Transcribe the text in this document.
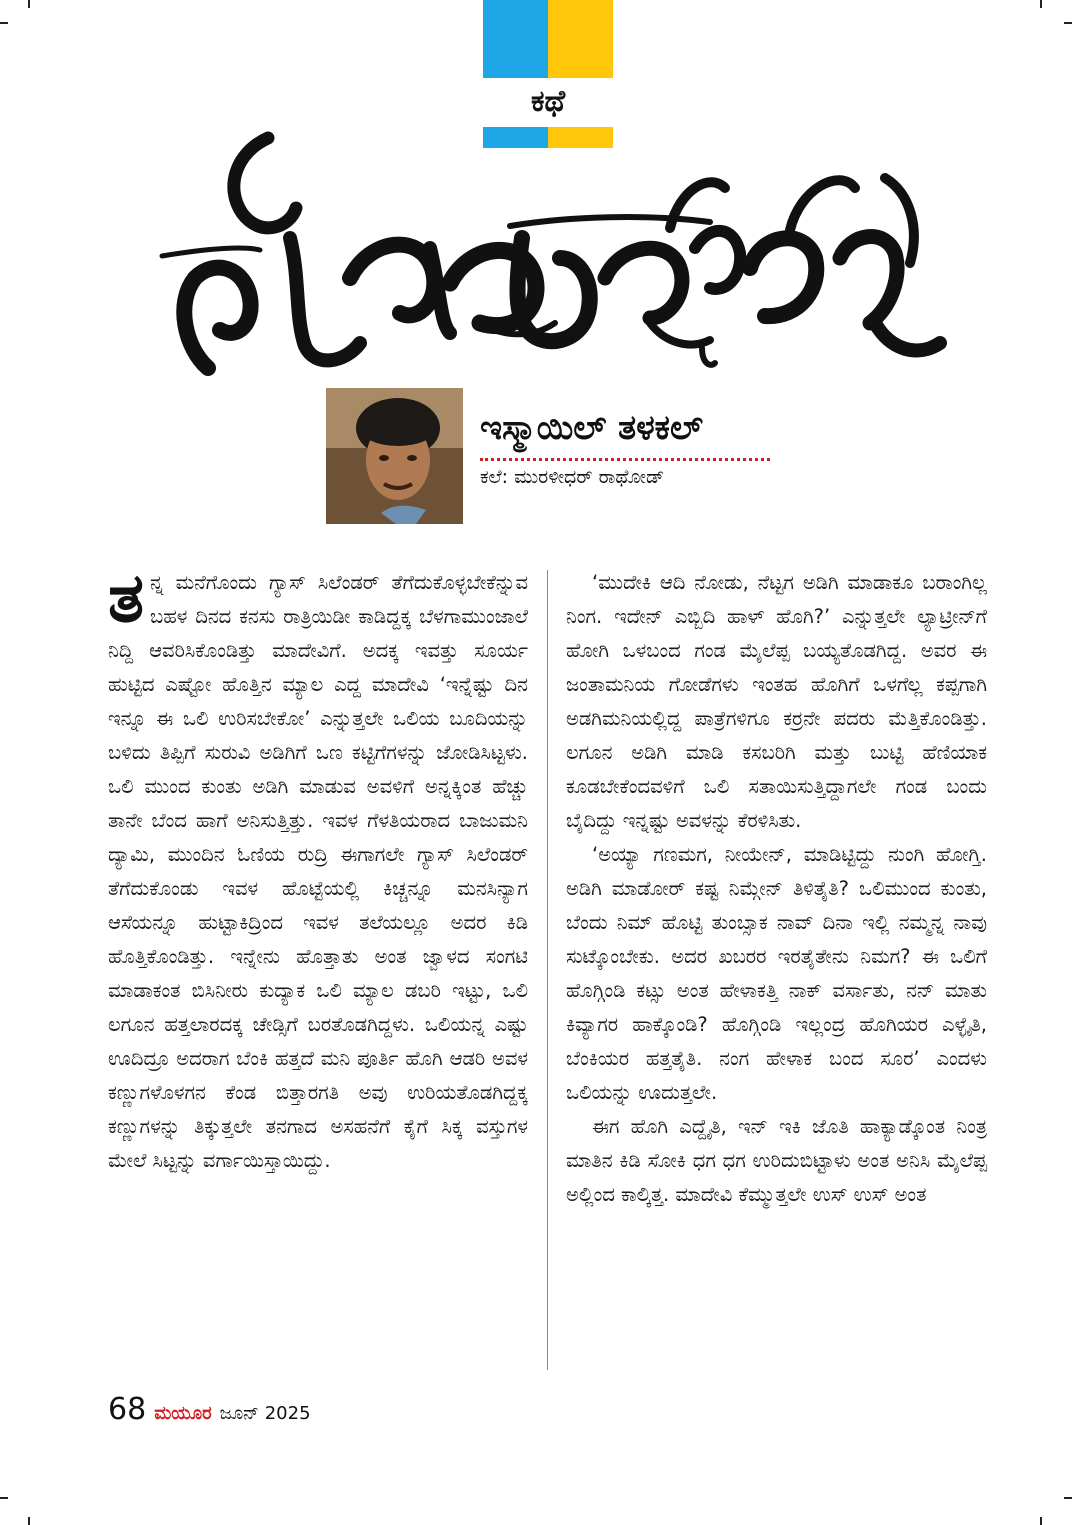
ಕಥೆ
ಇಸ್ಮಾಯಿಲ್ ತಳಕಲ್
ಕಲೆ: ಮುರಳೀಧರ್ ರಾಥೋಡ್

ತನ್ನ ಮನೆಗೊಂದು ಗ್ಯಾಸ್ ಸಿಲೆಂಡರ್ ತೆಗೆದುಕೊಳ್ಳಬೇಕೆನ್ನುವ ಬಹಳ ದಿನದ ಕನಸು ರಾತ್ರಿಯಿಡೀ ಕಾಡಿದ್ದಕ್ಕ ಬೆಳಗಾಮುಂಜಾಲೆ ನಿದ್ದಿ ಆವರಿಸಿಕೊಂಡಿತ್ತು ಮಾದೇವಿಗೆ. ಅದಕ್ಕ ಇವತ್ತು ಸೂರ್ಯ ಹುಟ್ಟಿದ ಎಷ್ಟೋ ಹೊತ್ತಿನ ಮ್ಯಾಲ ಎದ್ದ ಮಾದೇವಿ ‘ಇನ್ನೆಷ್ಟು ದಿನ ಇನ್ನೂ ಈ ಒಲಿ ಉರಿಸಬೇಕೋ’ ಎನ್ನುತ್ತಲೇ ಒಲಿಯ ಬೂದಿಯನ್ನು ಬಳಿದು ತಿಪ್ಪಿಗೆ ಸುರುವಿ ಅಡಿಗಿಗೆ ಒಣ ಕಟ್ಟಿಗೆಗಳನ್ನು ಜೋಡಿಸಿಟ್ಟಳು. ಒಲಿ ಮುಂದ ಕುಂತು ಅಡಿಗಿ ಮಾಡುವ ಅವಳಿಗೆ ಅನ್ನಕ್ಕಿಂತ ಹೆಚ್ಚು ತಾನೇ ಬೆಂದ ಹಾಗೆ ಅನಿಸುತ್ತಿತ್ತು. ಇವಳ ಗೆಳತಿಯರಾದ ಬಾಜುಮನಿ ದ್ಯಾಮಿ, ಮುಂದಿನ ಓಣಿಯ ರುದ್ರಿ ಈಗಾಗಲೇ ಗ್ಯಾಸ್ ಸಿಲೆಂಡರ್ ತೆಗೆದುಕೊಂಡು ಇವಳ ಹೊಟ್ಟೆಯಲ್ಲಿ ಕಿಚ್ಚನ್ನೂ ಮನಸಿನ್ಯಾಗ ಆಸೆಯನ್ನೂ ಹುಟ್ಟಾಕಿದ್ರಿಂದ ಇವಳ ತಲೆಯಲ್ಲೂ ಅದರ ಕಿಡಿ ಹೊತ್ತಿಕೊಂಡಿತ್ತು. ಇನ್ನೇನು ಹೊತ್ತಾತು ಅಂತ ಜ್ವಾಳದ ಸಂಗಟಿ ಮಾಡಾಕಂತ ಬಿಸಿನೀರು ಕುದ್ಯಾಕ ಒಲಿ ಮ್ಯಾಲ ಡಬರಿ ಇಟ್ಟು, ಒಲಿ ಲಗೂನ ಹತ್ತಲಾರದಕ್ಕ ಚೇಡ್ಸಿಗೆ ಬರತೊಡಗಿದ್ದಳು. ಒಲಿಯನ್ನ ಎಷ್ಟು ಊದಿದ್ರೂ ಅದರಾಗ ಬೆಂಕಿ ಹತ್ತದೆ ಮನಿ ಪೂರ್ತಿ ಹೊಗಿ ಆಡರಿ ಅವಳ ಕಣ್ಣುಗಳೊಳಗನ ಕೆಂಡ ಬಿತ್ತಾರಗತಿ ಅವು ಉರಿಯತೊಡಗಿದ್ದಕ್ಕ ಕಣ್ಣುಗಳನ್ನು ತಿಕ್ಕುತ್ತಲೇ ತನಗಾದ ಅಸಹನೆಗೆ ಕೈಗೆ ಸಿಕ್ಕ ವಸ್ತುಗಳ ಮೇಲೆ ಸಿಟ್ಟನ್ನು ವರ್ಗಾಯಿಸ್ತಾಯಿದ್ದು.

‘ಮುದೇಕಿ ಆದಿ ನೋಡು, ನೆಟ್ಟಗ ಅಡಿಗಿ ಮಾಡಾಕೂ ಬರಾಂಗಿಲ್ಲ ನಿಂಗ. ಇದೇನ್ ಎಬ್ಬಿದಿ ಹಾಳ್ ಹೊಗಿ?’ ಎನ್ನುತ್ತಲೇ ಲ್ಯಾಟ್ರೀನ್‌ಗೆ ಹೋಗಿ ಒಳಬಂದ ಗಂಡ ಮೈಲೆಪ್ಪ ಬಯ್ಯತೊಡಗಿದ್ದ. ಅವರ ಈ ಜಂತಾಮನಿಯ ಗೋಡೆಗಳು ಇಂತಹ ಹೊಗಿಗೆ ಒಳಗೆಲ್ಲ ಕಪ್ಪಗಾಗಿ ಅಡಗಿಮನಿಯಲ್ಲಿದ್ದ ಪಾತ್ರೆಗಳಿಗೂ ಕರ್ರನೇ ಪದರು ಮೆತ್ತಿಕೊಂಡಿತ್ತು. ಲಗೂನ ಅಡಿಗಿ ಮಾಡಿ ಕಸಬರಿಗಿ ಮತ್ತು ಬುಟ್ಟಿ ಹೆಣಿಯಾಕ ಕೂಡಬೇಕೆಂದವಳಿಗೆ ಒಲಿ ಸತಾಯಿಸುತ್ತಿದ್ದಾಗಲೇ ಗಂಡ ಬಂದು ಬೈದಿದ್ದು ಇನ್ನಷ್ಟು ಅವಳನ್ನು ಕೆರಳಿಸಿತು.

‘ಅಯ್ಯಾ ಗಣಮಗ, ನೀಯೇನ್, ಮಾಡಿಟ್ಟಿದ್ದು ನುಂಗಿ ಹೋಗ್ತಿ. ಅಡಿಗಿ ಮಾಡೋರ್ ಕಷ್ಟ ನಿಮ್ಗೇನ್ ತಿಳಿತೈತಿ? ಒಲಿಮುಂದ ಕುಂತು, ಬೆಂದು ನಿಮ್ ಹೊಟ್ಟಿ ತುಂಬ್ಸಾಕ ನಾವ್ ದಿನಾ ಇಲ್ಲಿ ನಮ್ಮನ್ನ ನಾವು ಸುಟ್ಕೊಂಬೇಕು. ಅದರ ಖಬರರ ಇರತೈತೇನು ನಿಮಗ? ಈ ಒಲಿಗೆ ಹೊಗ್ಗಿಂಡಿ ಕಟ್ಸು ಅಂತ ಹೇಳಾಕತ್ತಿ ನಾಕ್ ವರ್ಸಾತು, ನನ್ ಮಾತು ಕಿವ್ಯಾಗರ ಹಾಕ್ಕೊಂಡಿ? ಹೊಗ್ಗಿಂಡಿ ಇಲ್ಲಂದ್ರ ಹೊಗಿಯರ ಎಳ್ಳೈತಿ, ಬೆಂಕಿಯರ ಹತ್ತತೈತಿ. ನಂಗ ಹೇಳಾಕ ಬಂದ ಸೂರ’ ಎಂದಳು ಒಲಿಯನ್ನು ಊದುತ್ತಲೇ.

ಈಗ ಹೊಗಿ ಎದ್ದೈತಿ, ಇನ್ ಇಕಿ ಜೊತಿ ಹಾಕ್ಯಾಡ್ಕೊಂತ ನಿಂತ್ರ ಮಾತಿನ ಕಿಡಿ ಸೋಕಿ ಧಗ ಧಗ ಉರಿದುಬಿಟ್ಟಾಳು ಅಂತ ಅನಿಸಿ ಮೈಲೆಪ್ಪ ಅಲ್ಲಿಂದ ಕಾಲ್ಕಿತ್ತ. ಮಾದೇವಿ ಕೆಮ್ಮುತ್ತಲೇ ಉಸ್ ಉಸ್ ಅಂತ

68 ಮಯೂರ ಜೂನ್ 2025
